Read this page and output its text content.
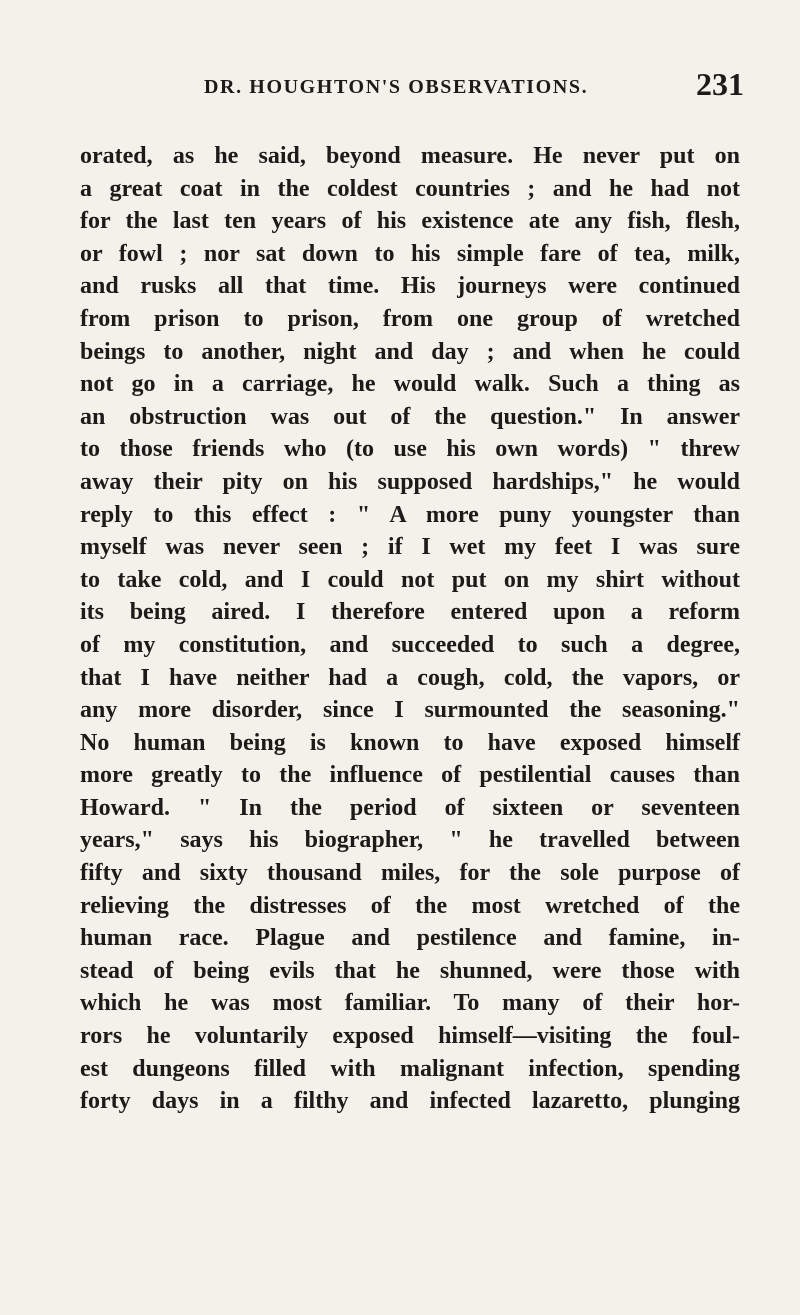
DR. HOUGHTON'S OBSERVATIONS.	231
orated, as he said, beyond measure. He never put on
a great coat in the coldest countries ; and he had not
for the last ten years of his existence ate any fish, flesh,
or fowl ; nor sat down to his simple fare of tea, milk,
and rusks all that time. His journeys were continued
from prison to prison, from one group of wretched
beings to another, night and day ; and when he could
not go in a carriage, he would walk. Such a thing as
an obstruction was out of the question." In answer
to those friends who (to use his own words) " threw
away their pity on his supposed hardships," he would
reply to this effect : " A more puny youngster than
myself was never seen ; if I wet my feet I was sure
to take cold, and I could not put on my shirt without
its being aired. I therefore entered upon a reform
of my constitution, and succeeded to such a degree,
that I have neither had a cough, cold, the vapors, or
any more disorder, since I surmounted the seasoning."
No human being is known to have exposed himself
more greatly to the influence of pestilential causes than
Howard. " In the period of sixteen or seventeen
years," says his biographer, " he travelled between
fifty and sixty thousand miles, for the sole purpose of
relieving the distresses of the most wretched of the
human race. Plague and pestilence and famine, in-
stead of being evils that he shunned, were those with
which he was most familiar. To many of their hor-
rors he voluntarily exposed himself—visiting the foul-
est dungeons filled with malignant infection, spending
forty days in a filthy and infected lazaretto, plunging
